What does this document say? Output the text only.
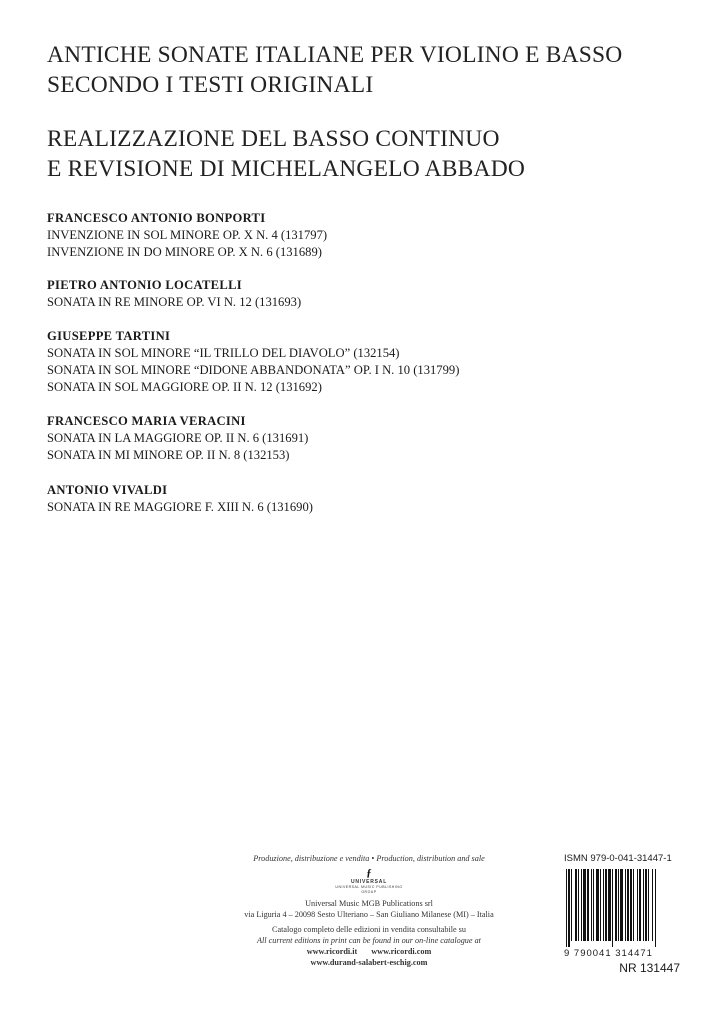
ANTICHE SONATE ITALIANE PER VIOLINO E BASSO
SECONDO I TESTI ORIGINALI
REALIZZAZIONE DEL BASSO CONTINUO
E REVISIONE DI MICHELANGELO ABBADO
FRANCESCO ANTONIO BONPORTI
INVENZIONE IN SOL MINORE OP. X N. 4 (131797)
INVENZIONE IN DO MINORE OP. X N. 6 (131689)
PIETRO ANTONIO LOCATELLI
SONATA IN RE MINORE OP. VI N. 12 (131693)
GIUSEPPE TARTINI
SONATA IN SOL MINORE “IL TRILLO DEL DIAVOLO” (132154)
SONATA IN SOL MINORE “DIDONE ABBANDONATA” OP. I N. 10 (131799)
SONATA IN SOL MAGGIORE OP. II N. 12 (131692)
FRANCESCO MARIA VERACINI
SONATA IN LA MAGGIORE OP. II N. 6 (131691)
SONATA IN MI MINORE OP. II N. 8 (132153)
ANTONIO VIVALDI
SONATA IN RE MAGGIORE F. XIII N. 6 (131690)
Produzione, distribuzione e vendita • Production, distribution and sale
ƒ
UNIVERSAL
UNIVERSAL MUSIC PUBLISHING GROUP
Universal Music MGB Publications srl
via Liguria 4 – 20098 Sesto Ulteriano – San Giuliano Milanese (MI) – Italia
Catalogo completo delle edizioni in vendita consultabile su
All current editions in print can be found in our on-line catalogue at
www.ricordi.it www.ricordi.com
www.durand-salabert-eschig.com
ISMN 979-0-041-31447-1
9 790041 314471
NR 131447
